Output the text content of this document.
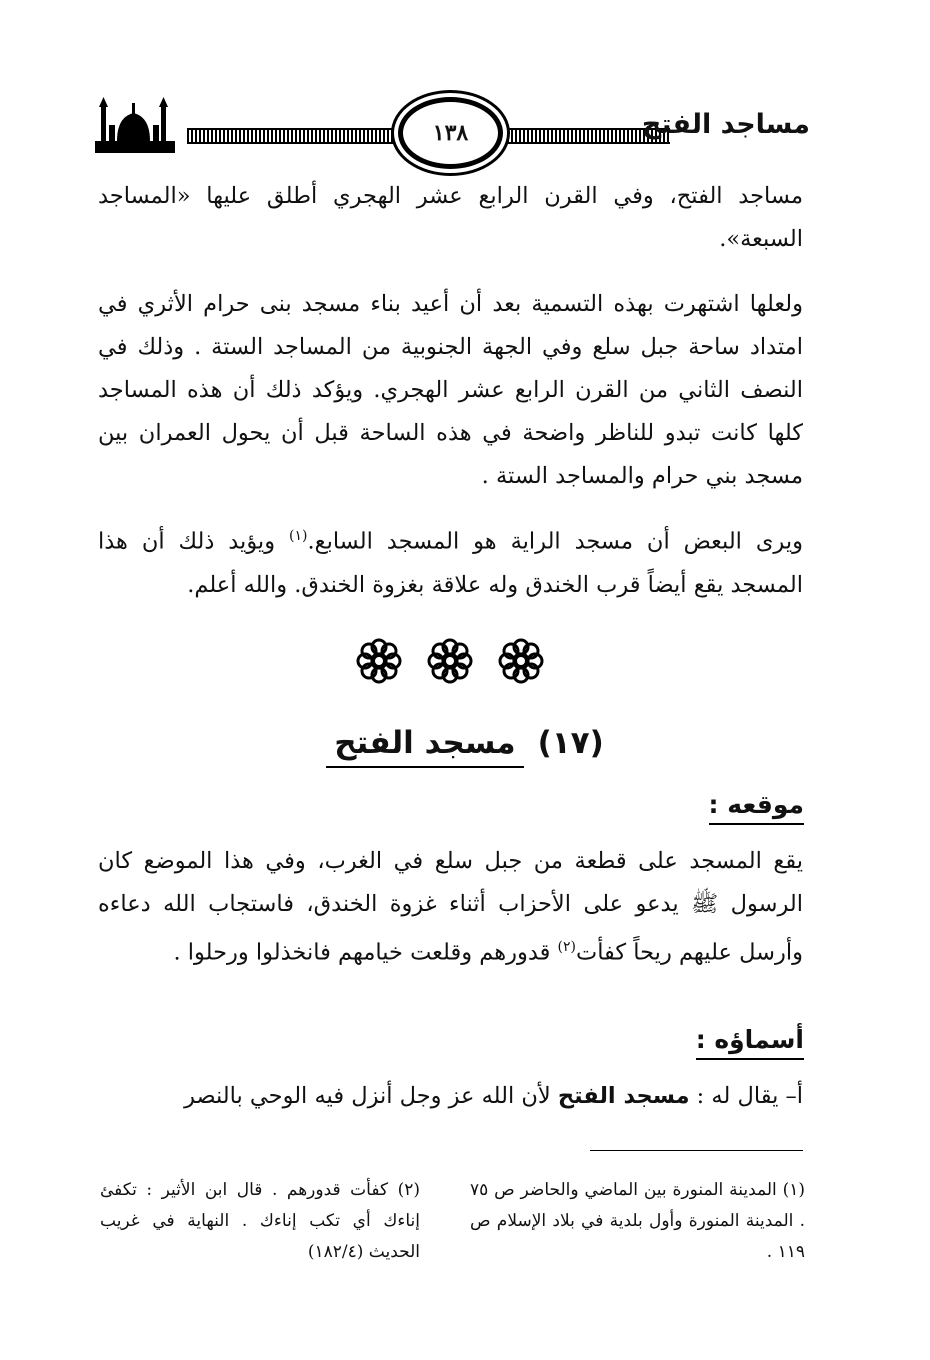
١٣٨	مساجد الفتح
مساجد الفتح، وفي القرن الرابع عشر الهجري أطلق عليها «المساجد السبعة».
ولعلها اشتهرت بهذه التسمية بعد أن أعيد بناء مسجد بنى حرام الأثري في امتداد ساحة جبل سلع وفي الجهة الجنوبية من المساجد الستة . وذلك في النصف الثاني من القرن الرابع عشر الهجري. ويؤكد ذلك أن هذه المساجد كلها كانت تبدو للناظر واضحة في هذه الساحة قبل أن يحول العمران بين مسجد بني حرام والمساجد الستة .
ويرى البعض أن مسجد الراية هو المسجد السابع.$^{(١)}$ ويؤيد ذلك أن هذا المسجد يقع أيضاً قرب الخندق وله علاقة بغزوة الخندق. والله أعلم.
(١٧)مسجد الفتح
موقعه :
يقع المسجد على قطعة من جبل سلع في الغرب، وفي هذا الموضع كان الرسول ﷺ يدعو على الأحزاب أثناء غزوة الخندق، فاستجاب الله دعاءه وأرسل عليهم ريحاً كفأت$^{(٢)}$ قدورهم وقلعت خيامهم فانخذلوا ورحلوا .
أسماؤه :
أ– يقال له : مسجد الفتح لأن الله عز وجل أنزل فيه الوحي بالنصر
(١) المدينة المنورة بين الماضي والحاضر ص ٧٥ . المدينة المنورة وأول بلدية في بلاد الإسلام ص ١١٩ .
(٢) كفأت قدورهم . قال ابن الأثير : تكفئ إناءك أي تكب إناءك . النهاية في غريب الحديث (١٨٢/٤)
